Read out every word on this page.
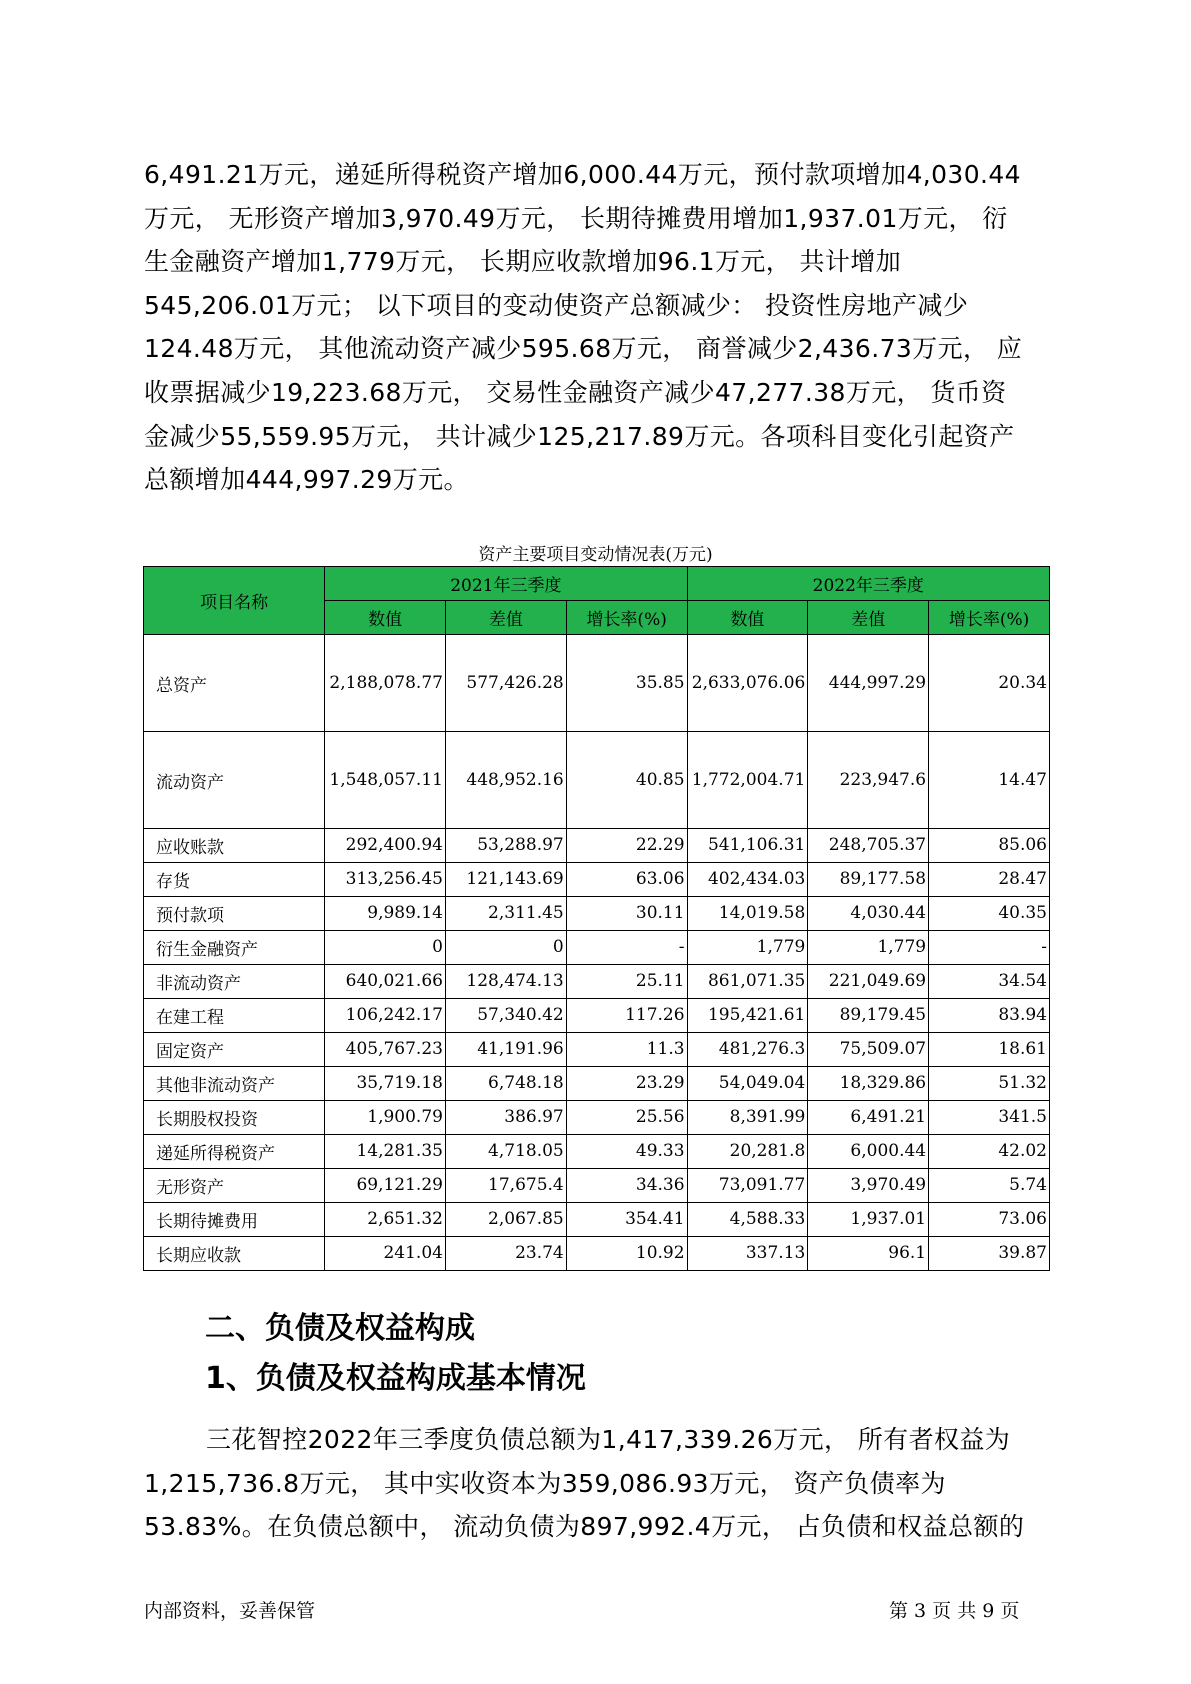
6,491.21万元，递延所得税资产增加6,000.44万元，预付款项增加4,030.44
万元， 无形资产增加3,970.49万元， 长期待摊费用增加1,937.01万元， 衍
生金融资产增加1,779万元， 长期应收款增加96.1万元， 共计增加
545,206.01万元； 以下项目的变动使资产总额减少： 投资性房地产减少
124.48万元， 其他流动资产减少595.68万元， 商誉减少2,436.73万元， 应
收票据减少19,223.68万元， 交易性金融资产减少47,277.38万元， 货币资
金减少55,559.95万元， 共计减少125,217.89万元。各项科目变化引起资产
总额增加444,997.29万元。
资产主要项目变动情况表(万元)
项目名称	2021年三季度			2022年三季度		
	数值	差值	增长率(%)	数值	差值	增长率(%)
总资产	2,188,078.77	577,426.28	35.85	2,633,076.06	444,997.29	20.34
流动资产	1,548,057.11	448,952.16	40.85	1,772,004.71	223,947.6	14.47
应收账款	292,400.94	53,288.97	22.29	541,106.31	248,705.37	85.06
存货	313,256.45	121,143.69	63.06	402,434.03	89,177.58	28.47
预付款项	9,989.14	2,311.45	30.11	14,019.58	4,030.44	40.35
衍生金融资产	0	0	-	1,779	1,779	-
非流动资产	640,021.66	128,474.13	25.11	861,071.35	221,049.69	34.54
在建工程	106,242.17	57,340.42	117.26	195,421.61	89,179.45	83.94
固定资产	405,767.23	41,191.96	11.3	481,276.3	75,509.07	18.61
其他非流动资产	35,719.18	6,748.18	23.29	54,049.04	18,329.86	51.32
长期股权投资	1,900.79	386.97	25.56	8,391.99	6,491.21	341.5
递延所得税资产	14,281.35	4,718.05	49.33	20,281.8	6,000.44	42.02
无形资产	69,121.29	17,675.4	34.36	73,091.77	3,970.49	5.74
长期待摊费用	2,651.32	2,067.85	354.41	4,588.33	1,937.01	73.06
长期应收款	241.04	23.74	10.92	337.13	96.1	39.87
二、负债及权益构成
1、负债及权益构成基本情况
三花智控2022年三季度负债总额为1,417,339.26万元， 所有者权益为
1,215,736.8万元， 其中实收资本为359,086.93万元， 资产负债率为
53.83%。在负债总额中， 流动负债为897,992.4万元， 占负债和权益总额的
内部资料，妥善保管	第 3 页 共 9 页
